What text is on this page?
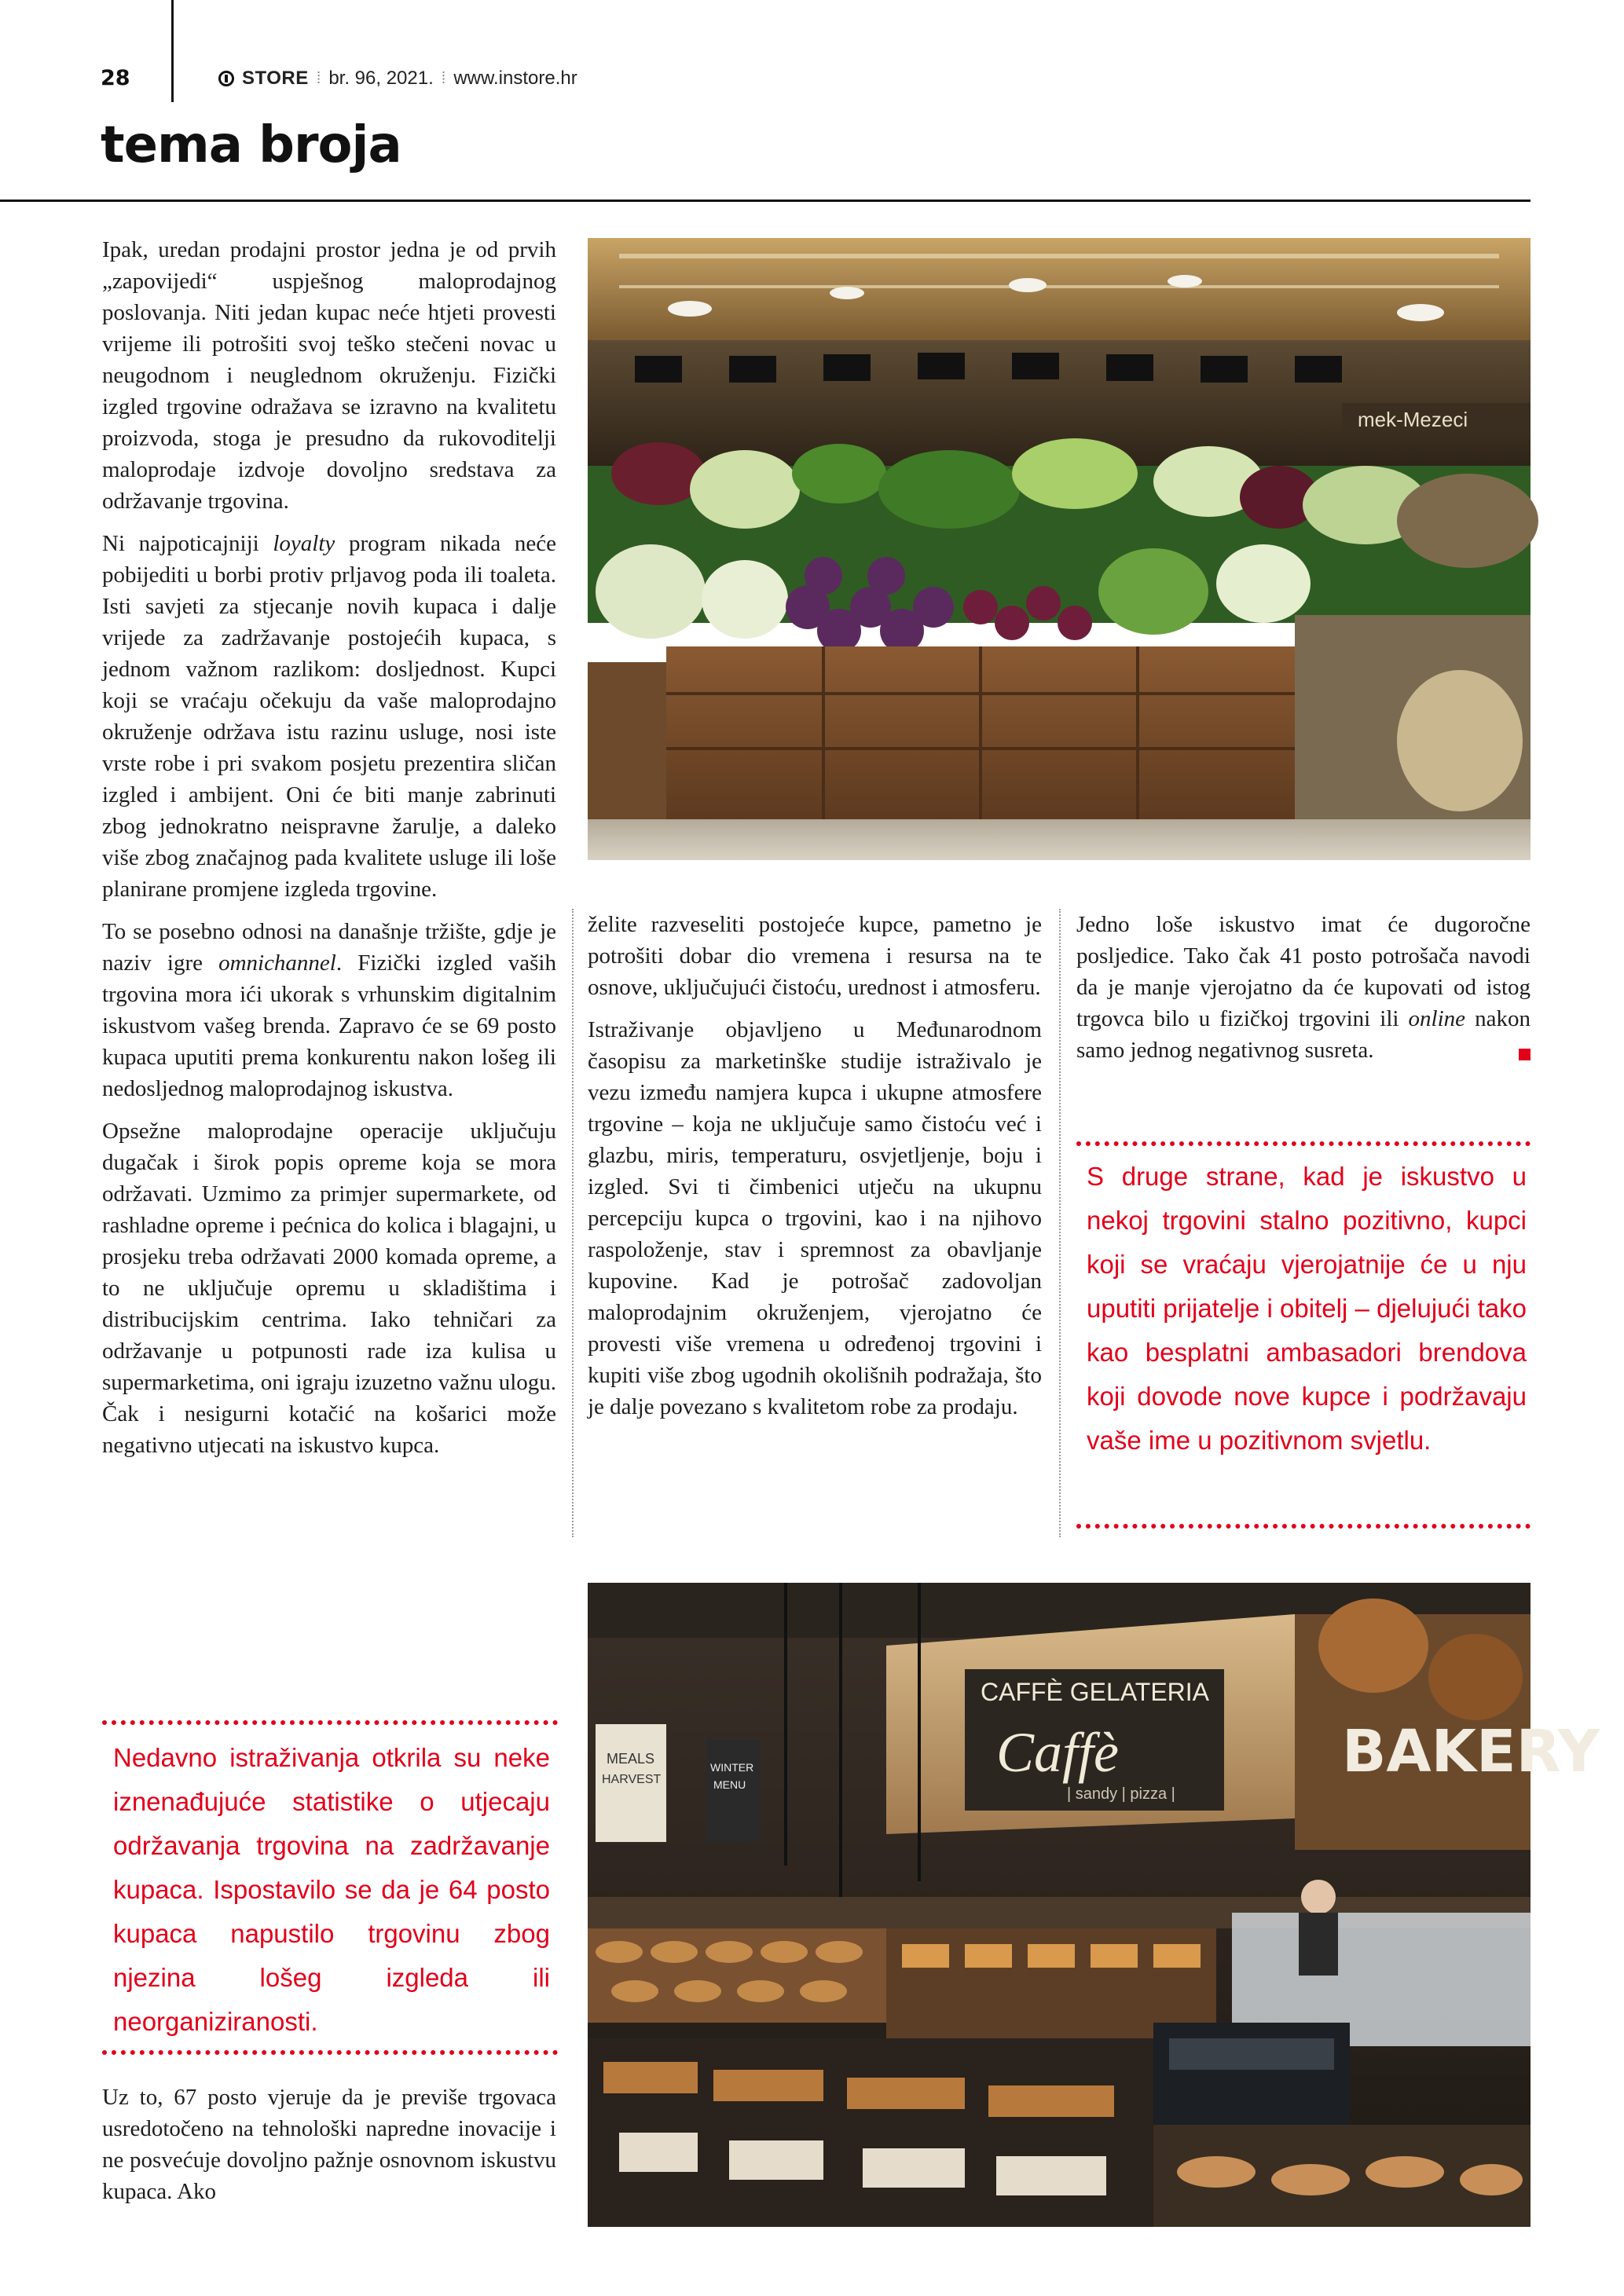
28	STORE ⁞ br. 96, 2021. ⁞ www.instore.hr
tema broja

Ipak, uredan prodajni prostor jedna je od prvih „zapovijedi“ uspješnog maloprodajnog poslovanja. Niti jedan kupac neće htjeti provesti vrijeme ili potrošiti svoj teško stečeni novac u neugodnom i neuglednom okruženju. Fizički izgled trgovine odražava se izravno na kvalitetu proizvoda, stoga je presudno da rukovoditelji maloprodaje izdvoje dovoljno sredstava za održavanje trgovina.

Ni najpoticajniji loyalty program nikada neće pobijediti u borbi protiv prljavog poda ili toaleta. Isti savjeti za stjecanje novih kupaca i dalje vrijede za zadržavanje postojećih kupaca, s jednom važnom razlikom: dosljednost. Kupci koji se vraćaju očekuju da vaše maloprodajno okruženje održava istu razinu usluge, nosi iste vrste robe i pri svakom posjetu prezentira sličan izgled i ambijent. Oni će biti manje zabrinuti zbog jednokratno neispravne žarulje, a daleko više zbog značajnog pada kvalitete usluge ili loše planirane promjene izgleda trgovine.

To se posebno odnosi na današnje tržište, gdje je naziv igre omnichannel. Fizički izgled vaših trgovina mora ići ukorak s vrhunskim digitalnim iskustvom vašeg brenda. Zapravo će se 69 posto kupaca uputiti prema konkurentu nakon lošeg ili nedosljednog maloprodajnog iskustva.

Opsežne maloprodajne operacije uključuju dugačak i širok popis opreme koja se mora održavati. Uzmimo za primjer supermarkete, od rashladne opreme i pećnica do kolica i blagajni, u prosjeku treba održavati 2000 komada opreme, a to ne uključuje opremu u skladištima i distribucijskim centrima. Iako tehničari za održavanje u potpunosti rade iza kulisa u supermarketima, oni igraju izuzetno važnu ulogu. Čak i nesigurni kotačić na košarici može negativno utjecati na iskustvo kupca.

Nedavno istraživanja otkrila su neke iznenađujuće statistike o utjecaju održavanja trgovina na zadržavanje kupaca. Ispostavilo se da je 64 posto kupaca napustilo trgovinu zbog njezina lošeg izgleda ili neorganiziranosti.

Uz to, 67 posto vjeruje da je previše trgovaca usredotočeno na tehnološki napredne inovacije i ne posvećuje dovoljno pažnje osnovnom iskustvu kupaca. Ako

želite razveseliti postojeće kupce, pametno je potrošiti dobar dio vremena i resursa na te osnove, uključujući čistoću, urednost i atmosferu.

Istraživanje objavljeno u Međunarodnom časopisu za marketinške studije istraživalo je vezu između namjera kupca i ukupne atmosfere trgovine – koja ne uključuje samo čistoću već i glazbu, miris, temperaturu, osvjetljenje, boju i izgled. Svi ti čimbenici utječu na ukupnu percepciju kupca o trgovini, kao i na njihovo raspoloženje, stav i spremnost za obavljanje kupovine. Kad je potrošač zadovoljan maloprodajnim okruženjem, vjerojatno će provesti više vremena u određenoj trgovini i kupiti više zbog ugodnih okolišnih podražaja, što je dalje povezano s kvalitetom robe za prodaju.

Jedno loše iskustvo imat će dugoročne posljedice. Tako čak 41 posto potrošača navodi da je manje vjerojatno da će kupovati od istog trgovca bilo u fizičkoj trgovini ili online nakon samo jednog negativnog susreta.

S druge strane, kad je iskustvo u nekoj trgovini stalno pozitivno, kupci koji se vraćaju vjerojatnije će u nju uputiti prijatelje i obitelj – djelujući tako kao besplatni ambasadori brendova koji dovode nove kupce i podržavaju vaše ime u pozitivnom svjetlu.
mek-Mezeci
BAKERY
CAFFÈ GELATERIA
Caffè
| sandy | pizza |
MEALS
HARVEST
WINTER
MENU
